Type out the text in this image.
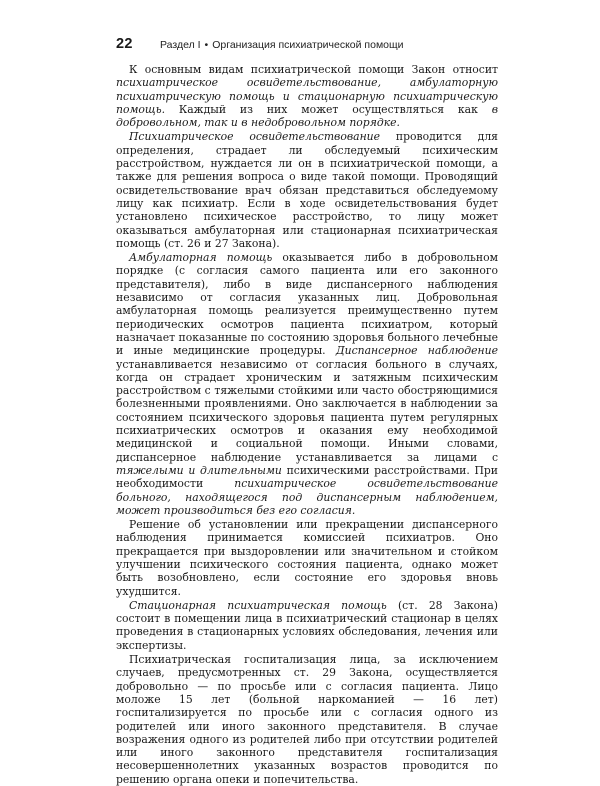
22	Раздел I • Организация психиатрической помощи

К основным видам психиатрической помощи Закон относит психиатрическое освидетельствование, амбулаторную психиатрическую помощь и стационарную психиатрическую помощь. Каждый из них может осуществляться как в добровольном, так и в недобровольном порядке.

Психиатрическое освидетельствование проводится для определения, страдает ли обследуемый психическим расстройством, нуждается ли он в психиатрической помощи, а также для решения вопроса о виде такой помощи. Проводящий освидетельствование врач обязан представиться обследуемому лицу как психиатр. Если в ходе освидетельствования будет установлено психическое расстройство, то лицу может оказываться амбулаторная или стационарная психиатрическая помощь (ст. 26 и 27 Закона).

Амбулаторная помощь оказывается либо в добровольном порядке (с согласия самого пациента или его законного представителя), либо в виде диспансерного наблюдения независимо от согласия указанных лиц. Добровольная амбулаторная помощь реализуется преимущественно путем периодических осмотров пациента психиатром, который назначает показанные по состоянию здоровья больного лечебные и иные медицинские процедуры. Диспансерное наблюдение устанавливается независимо от согласия больного в случаях, когда он страдает хроническим и затяжным психическим расстройством с тяжелыми стойкими или часто обостряющимися болезненными проявлениями. Оно заключается в наблюдении за состоянием психического здоровья пациента путем регулярных психиатрических осмотров и оказания ему необходимой медицинской и социальной помощи. Иными словами, диспансерное наблюдение устанавливается за лицами с тяжелыми и длительными психическими расстройствами. При необходимости психиатрическое освидетельствование больного, находящегося под диспансерным наблюдением, может производиться без его согласия.

Решение об установлении или прекращении диспансерного наблюдения принимается комиссией психиатров. Оно прекращается при выздоровлении или значительном и стойком улучшении психического состояния пациента, однако может быть возобновлено, если состояние его здоровья вновь ухудшится.

Стационарная психиатрическая помощь (ст. 28 Закона) состоит в помещении лица в психиатрический стационар в целях проведения в стационарных условиях обследования, лечения или экспертизы.

Психиатрическая госпитализация лица, за исключением случаев, предусмотренных ст. 29 Закона, осуществляется добровольно — по просьбе или с согласия пациента. Лицо моложе 15 лет (больной наркоманией — 16 лет) госпитализируется по просьбе или с согласия одного из родителей или иного законного представителя. В случае возражения одного из родителей либо при отсутствии родителей или иного законного представителя госпитализация несовершеннолетних указанных возрастов проводится по решению органа опеки и попечительства.
